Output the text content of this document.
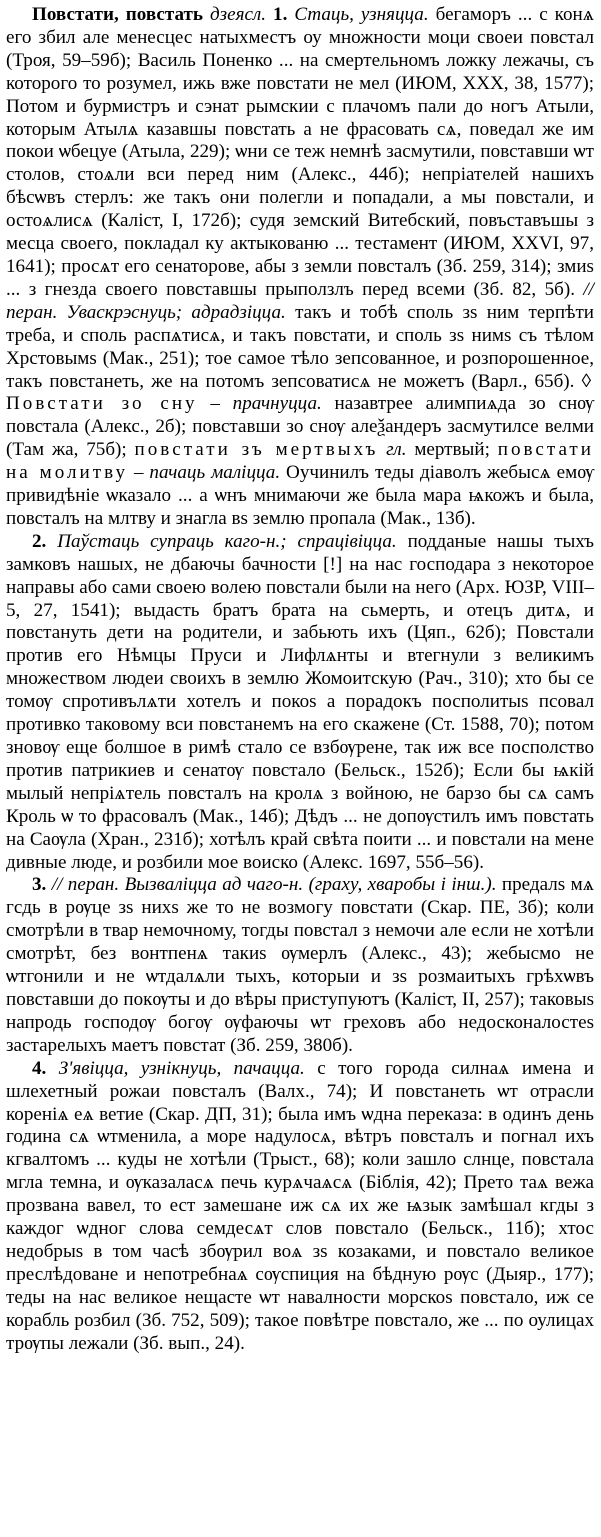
Повстати, повстать дзеясл. 1. Стаць, узняцца. бегаморъ ... с конѧ его збил але менесцес натыхместъ оу множности моци своеи повстал (Троя, 59–59б); Василь Поненко ... на смертельномъ ложку лежачы, съ которого то розумел, ижь вже повстати не мел (ИЮМ, XXX, 38, 1577); Потом и бурмистръ и сэнат рымскии с плачомъ пали до ногъ Атыли, которым Атылѧ казавшы повстать а не фрасовать сѧ, поведал же им покои ѡбецуе (Атыла, 229); ѡни се теж немнѣ засмутили, повставши ѡт столов, стоѧли вси перед ним (Алекс., 44б); непріателей нашихъ бѣсѡвъ стерлъ: же такъ они полегли и попадали, а мы повстали, и остоѧлисѧ (Каліст, I, 172б); судя земский Витебский, повъставъшы з месца своего, покладал ку актыкованю ... тестамент (ИЮМ, XXVI, 97, 1641); просѧт его сенаторове, абы з земли повсталъ (Зб. 259, 314); змиѕ ... з гнезда своего повставшы прыползлъ перед всеми (Зб. 82, 5б). // перан. Уваскрэснуць; адрадзіцца. такъ и тобѣ споль зѕ ним терпѣти треба, и споль распѧтисѧ, и такъ повстати, и споль зѕ нимѕ съ тѣлом Хрстовымѕ (Мак., 251); тое самое тѣло зепсованное, и розпорошенное, такъ повстанеть, же на потомъ зепсоватисѧ не можетъ (Варл., 65б). ◊ Повстати зо сну – прачнуцца. назавтрее алимпиѧда зо снѹ повстала (Алекс., 2б); повставши зо снѹ алеѯандеръ засмутилсе велми (Там жа, 75б); повстати зъ мертвыхъ гл. мертвый; повстати на молитву – пачаць маліцца. Оучинилъ теды діаволъ жебысѧ емѹ привидѣніе ѡказало ... а ѡнъ мнимаючи же была мара ѩкожъ и была, повсталъ на млтву и знагла вѕ землю пропала (Мак., 13б).

2. Паўстаць супраць каго-н.; спрацівіцца. подданые нашы тыхъ замковъ нашых, не дбаючы бачности [!] на нас господара з некоторое направы або сами своею волею повстали были на него (Арх. ЮЗР, VIII–5, 27, 1541); выдасть братъ брата на сьмерть, и отецъ дитѧ, и повстануть дети на родители, и забьють ихъ (Цяп., 62б); Повстали против его Нѣмцы Пруси и Лифлѧнты и втегнули з великимъ множеством людеи своихъ в землю Жомоитскую (Рач., 310); хто бы се томѹ спротивълѧти хотелъ и покоѕ а порадокъ посполитыѕ псовал противко таковому вси повстанемъ на его скажене (Ст. 1588, 70); потом зновѹ еще болшое в римѣ стало се взбѹрене, так иж все посполство против патрикиев и сенатѹ повстало (Бельск., 152б); Если бы ѩкій мылый непріѧтель повсталъ на кролѧ з войною, не барзо бы сѧ самъ Кроль ѡ то фрасовалъ (Мак., 14б); Дѣдъ ... не допѹстилъ имъ повстать на Саѹла (Хран., 231б); хотѣлъ край свѣта поити ... и повстали на мене дивные люде, и розбили мое воиско (Алекс. 1697, 55б–56).

3. // перан. Вызваліцца ад чаго-н. (граху, хваробы і інш.). предалѕ мѧ гсдь в рѹце зѕ нихѕ же то не возмогу повстати (Скар. ПЕ, 3б); коли смотрѣли в твар немочному, тогды повстал з немочи але если не хотѣли смотрѣт, без вонтпенѧ такиѕ ѹмерлъ (Алекс., 43); жебысмо не ѡтгонили и не ѡтдалѧли тыхъ, которыи и зѕ розмаитыхъ грѣхѡвъ повставши до покѹты и до вѣры приступуютъ (Каліст, II, 257); таковыѕ напродь господѹ богѹ ѹфаючы ѡт греховъ або недосконалостеѕ застарелыхъ маетъ повстат (Зб. 259, 380б).

4. З'явіцца, узнікнуць, пачацца. с того города силнаѧ имена и шлехетный рожаи повсталъ (Валх., 74); И повстанеть ѡт отрасли кореніѧ еѧ ветие (Скар. ДП, 31); была имъ ѡдна переказа: в одинъ день година сѧ ѡтменила, а море надулосѧ, вѣтръ повсталъ и погнал ихъ кгвалтомъ ... куды не хотѣли (Трыст., 68); коли зашло слнце, повстала мгла темна, и ѹказаласѧ печь курѧчаѧсѧ (Біблія, 42); Прето таѧ вежа прозвана вавел, то ест замешане иж сѧ их же ѩзык замѣшал кгды з каждог ѡдног слова семдесѧт слов повстало (Бельск., 11б); хтос недобрыѕ в том часѣ збѹрил воѧ зѕ козаками, и повстало великое преслѣдоване и непотребнаѧ сѹспиция на бѣдную рѹс (Дыяр., 177); теды на нас великое нещасте ѡт навалности морскоѕ повстало, иж се корабль розбил (Зб. 752, 509); такое повѣтре повстало, же ... по оулицах трѹпы лежали (Зб. вып., 24).
